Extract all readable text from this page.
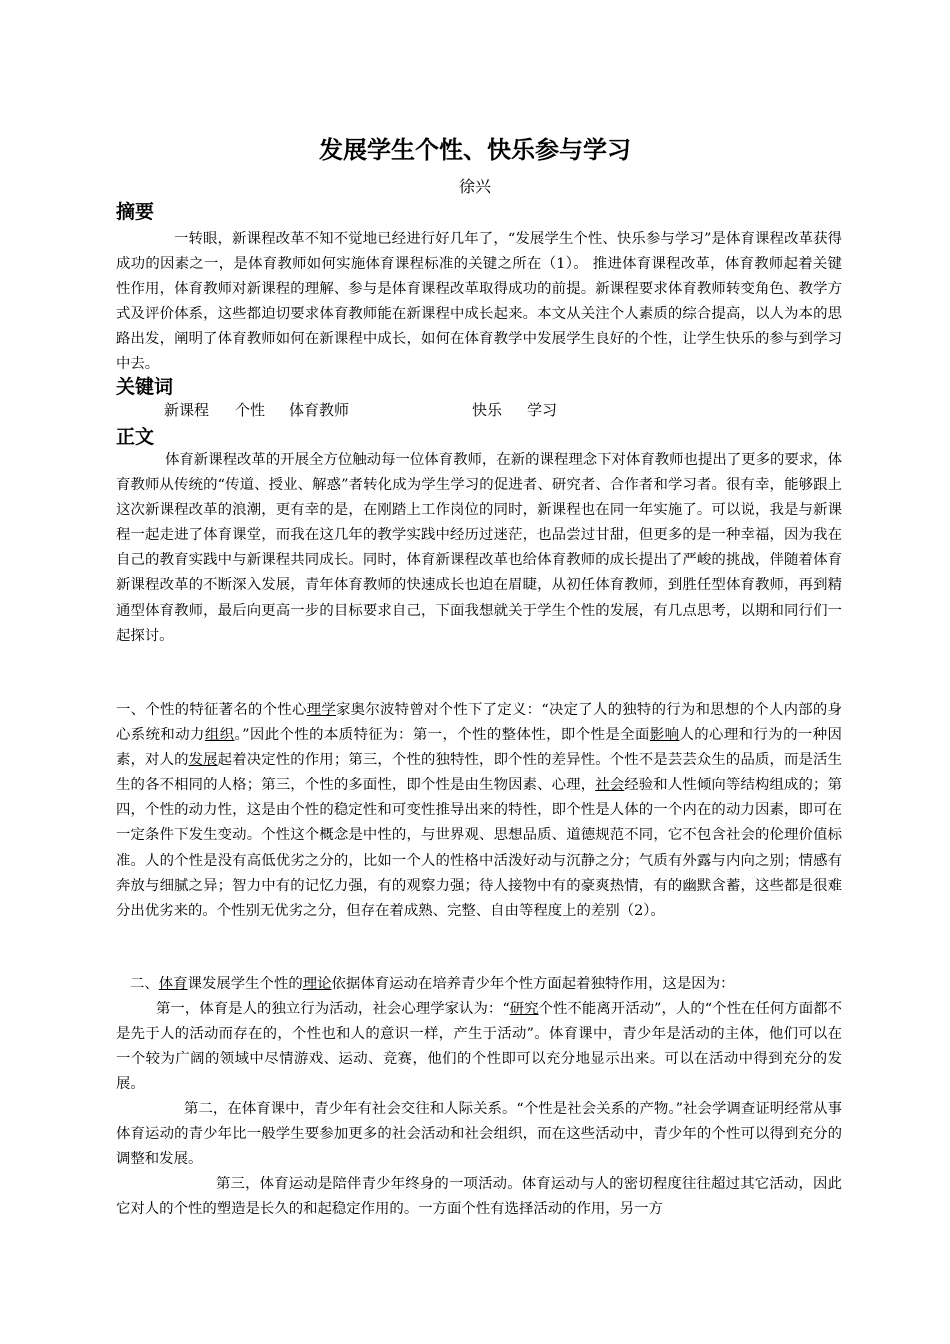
发展学生个性、快乐参与学习
徐兴
摘要

一转眼，新课程改革不知不觉地已经进行好几年了，“发展学生个性、快乐参与学习”是体育课程改革获得成功的因素之一，是体育教师如何实施体育课程标准的关键之所在（1）。 推进体育课程改革，体育教师起着关键性作用，体育教师对新课程的理解、参与是体育课程改革取得成功的前提。新课程要求体育教师转变角色、教学方式及评价体系，这些都迫切要求体育教师能在新课程中成长起来。本文从关注个人素质的综合提高，以人为本的思路出发，阐明了体育教师如何在新课程中成长，如何在体育教学中发展学生良好的个性，让学生快乐的参与到学习中去。

关键词
新课程 个性 体育教师	快乐 学习
正文

体育新课程改革的开展全方位触动每一位体育教师，在新的课程理念下对体育教师也提出了更多的要求，体育教师从传统的“传道、授业、解惑”者转化成为学生学习的促进者、研究者、合作者和学习者。很有幸，能够跟上这次新课程改革的浪潮，更有幸的是，在刚踏上工作岗位的同时，新课程也在同一年实施了。可以说，我是与新课程一起走进了体育课堂，而我在这几年的教学实践中经历过迷茫，也品尝过甘甜，但更多的是一种幸福，因为我在自己的教育实践中与新课程共同成长。同时，体育新课程改革也给体育教师的成长提出了严峻的挑战，伴随着体育新课程改革的不断深入发展，青年体育教师的快速成长也迫在眉睫，从初任体育教师，到胜任型体育教师，再到精通型体育教师，最后向更高一步的目标要求自己，下面我想就关于学生个性的发展，有几点思考，以期和同行们一起探讨。

一、个性的特征著名的个性心理学家奥尔波特曾对个性下了定义：“决定了人的独特的行为和思想的个人内部的身心系统和动力组织。”因此个性的本质特征为：第一，个性的整体性，即个性是全面影响人的心理和行为的一种因素，对人的发展起着决定性的作用；第三，个性的独特性，即个性的差异性。个性不是芸芸众生的品质，而是活生生的各不相同的人格；第三，个性的多面性，即个性是由生物因素、心理，社会经验和人性倾向等结构组成的；第四，个性的动力性，这是由个性的稳定性和可变性推导出来的特性，即个性是人体的一个内在的动力因素，即可在一定条件下发生变动。个性这个概念是中性的，与世界观、思想品质、道德规范不同，它不包含社会的伦理价值标准。人的个性是没有高低优劣之分的，比如一个人的性格中活泼好动与沉静之分；气质有外露与内向之别；情感有奔放与细腻之异；智力中有的记忆力强，有的观察力强；待人接物中有的豪爽热情，有的幽默含蓄，这些都是很难分出优劣来的。个性别无优劣之分，但存在着成熟、完整、自由等程度上的差别（2）。

二、体育课发展学生个性的理论依据体育运动在培养青少年个性方面起着独特作用，这是因为：

第一，体育是人的独立行为活动，社会心理学家认为：“研究个性不能离开活动”，人的“个性在任何方面都不是先于人的活动而存在的，个性也和人的意识一样，产生于活动”。体育课中，青少年是活动的主体，他们可以在一个较为广阔的领域中尽情游戏、运动、竞赛，他们的个性即可以充分地显示出来。可以在活动中得到充分的发展。

第二，在体育课中，青少年有社会交往和人际关系。“个性是社会关系的产物。”社会学调查证明经常从事体育运动的青少年比一般学生要参加更多的社会活动和社会组织，而在这些活动中，青少年的个性可以得到充分的调整和发展。

第三，体育运动是陪伴青少年终身的一项活动。体育运动与人的密切程度往往超过其它活动，因此它对人的个性的塑造是长久的和起稳定作用的。一方面个性有选择活动的作用，另一方
